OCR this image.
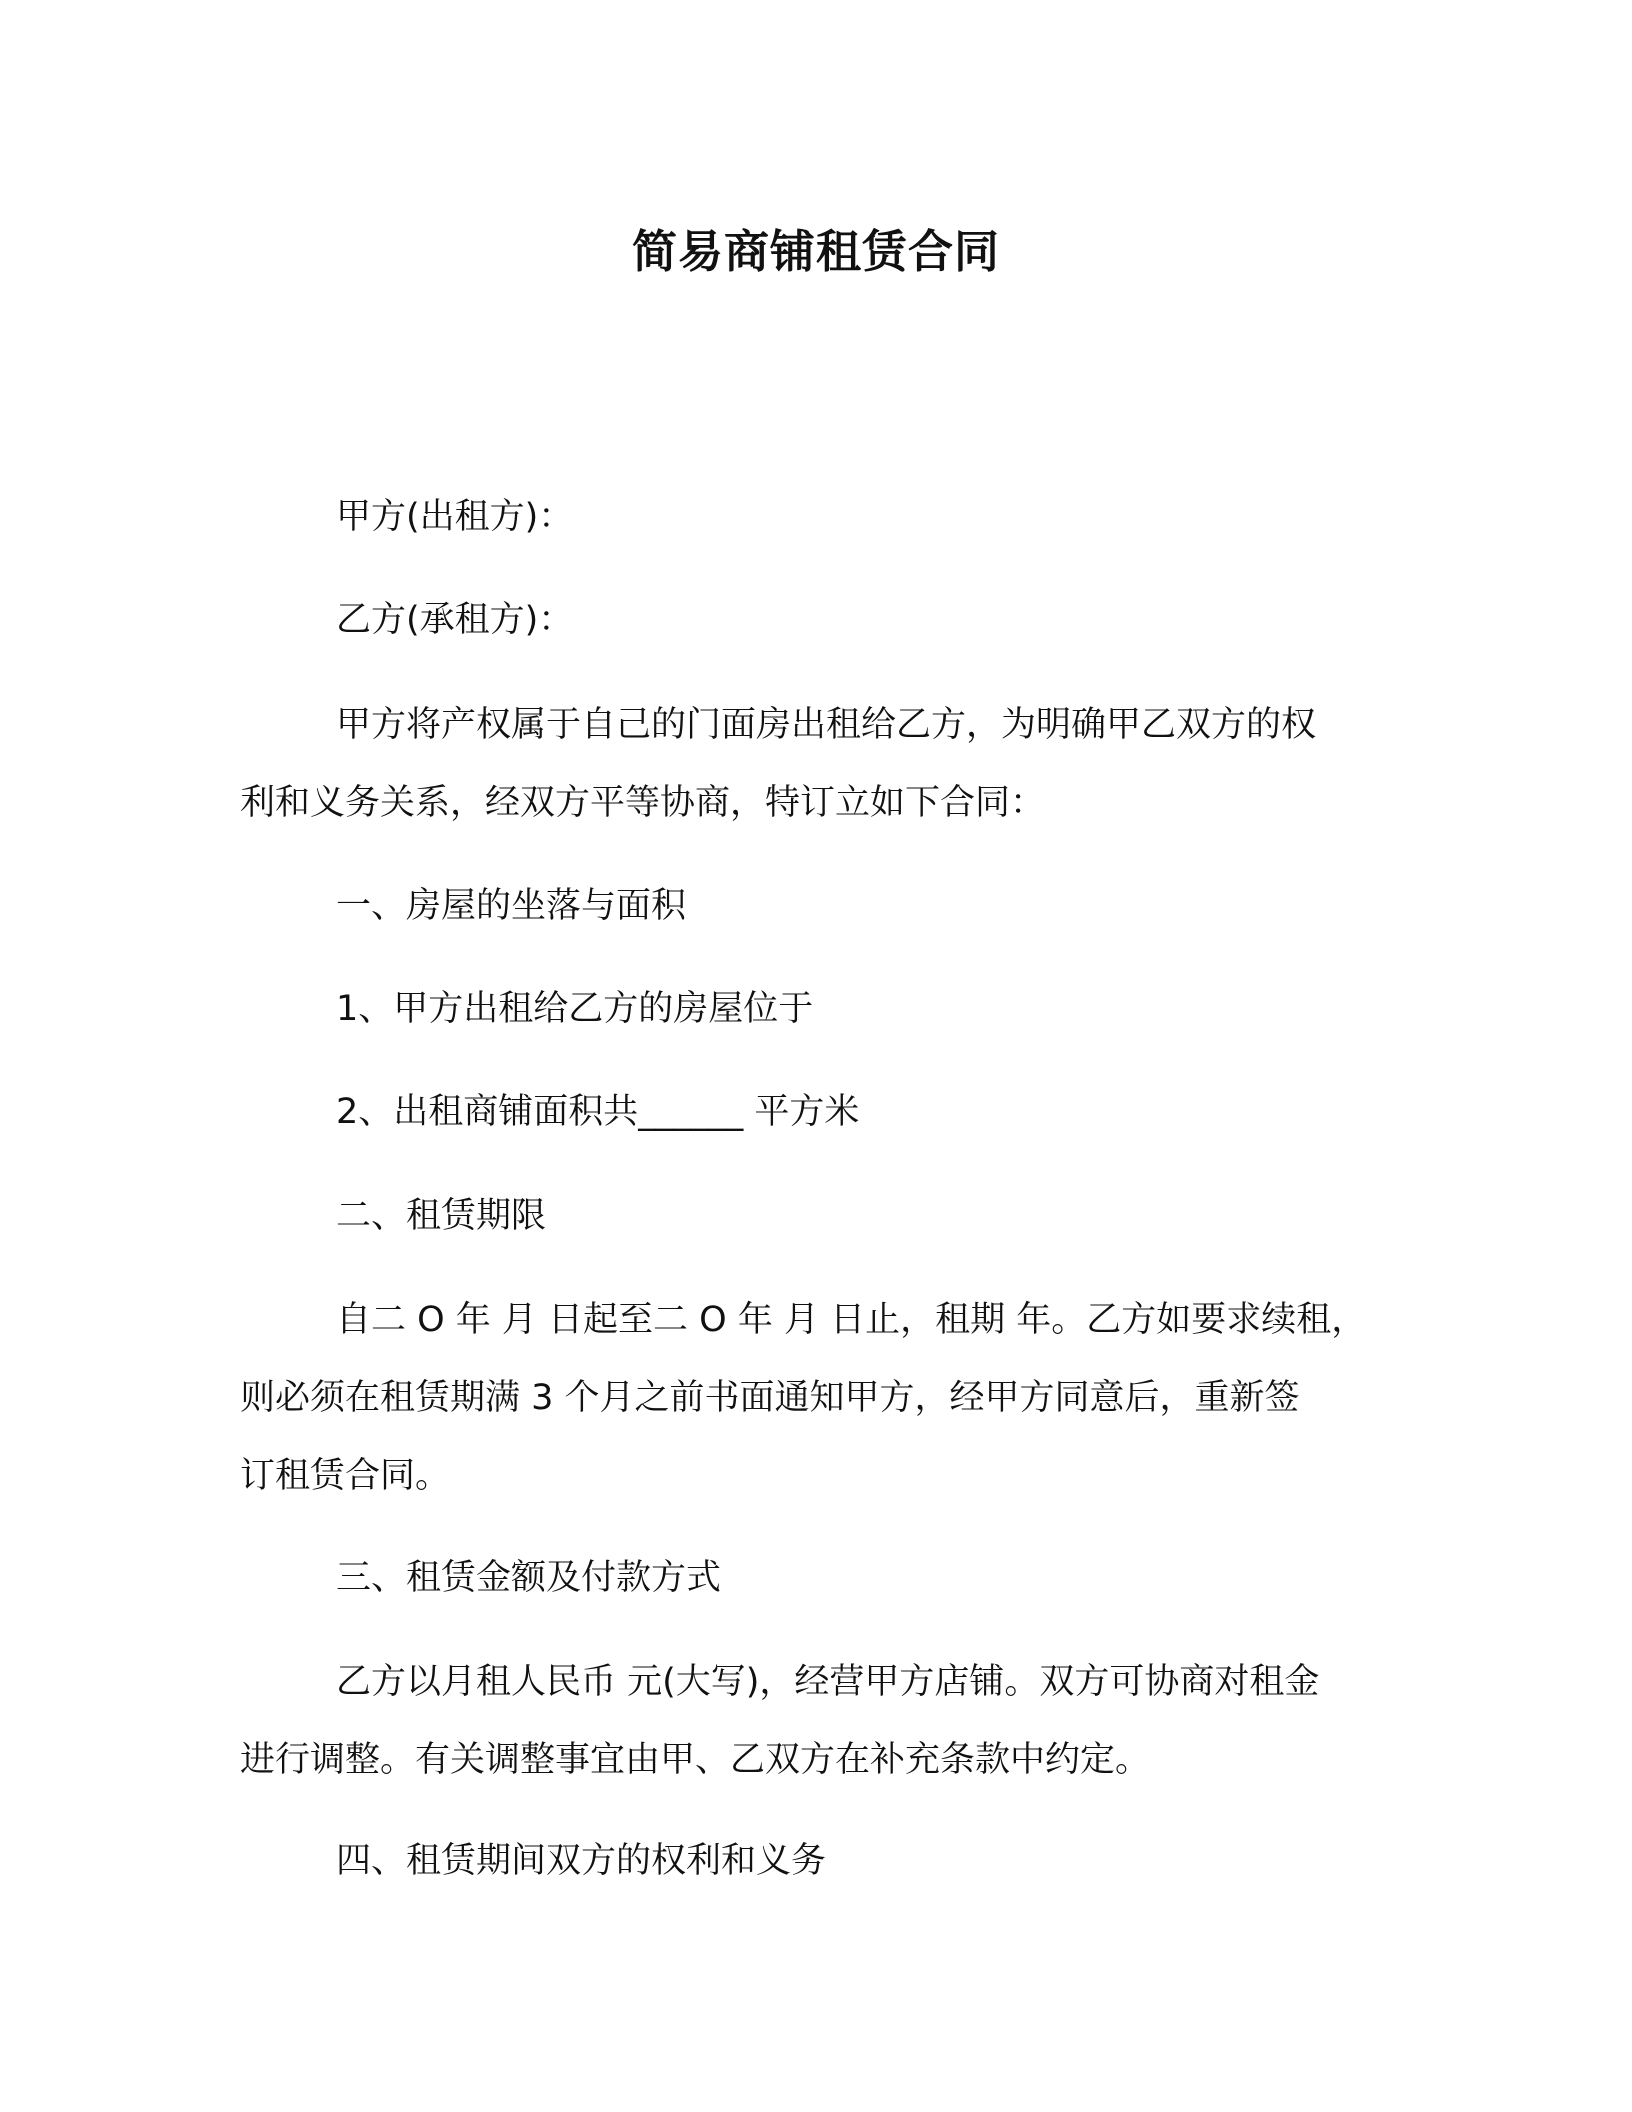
简易商铺租赁合同

甲方(出租方)：

乙方(承租方)：

甲方将产权属于自己的门面房出租给乙方，为明确甲乙双方的权
利和义务关系，经双方平等协商，特订立如下合同：

一、房屋的坐落与面积

1、甲方出租给乙方的房屋位于

2、出租商铺面积共______ 平方米

二、租赁期限

自二 O 年 月 日起至二 O 年 月 日止，租期 年。乙方如要求续租，
则必须在租赁期满 3 个月之前书面通知甲方，经甲方同意后，重新签
订租赁合同。

三、租赁金额及付款方式

乙方以月租人民币 元(大写)，经营甲方店铺。双方可协商对租金
进行调整。有关调整事宜由甲、乙双方在补充条款中约定。

四、租赁期间双方的权利和义务
